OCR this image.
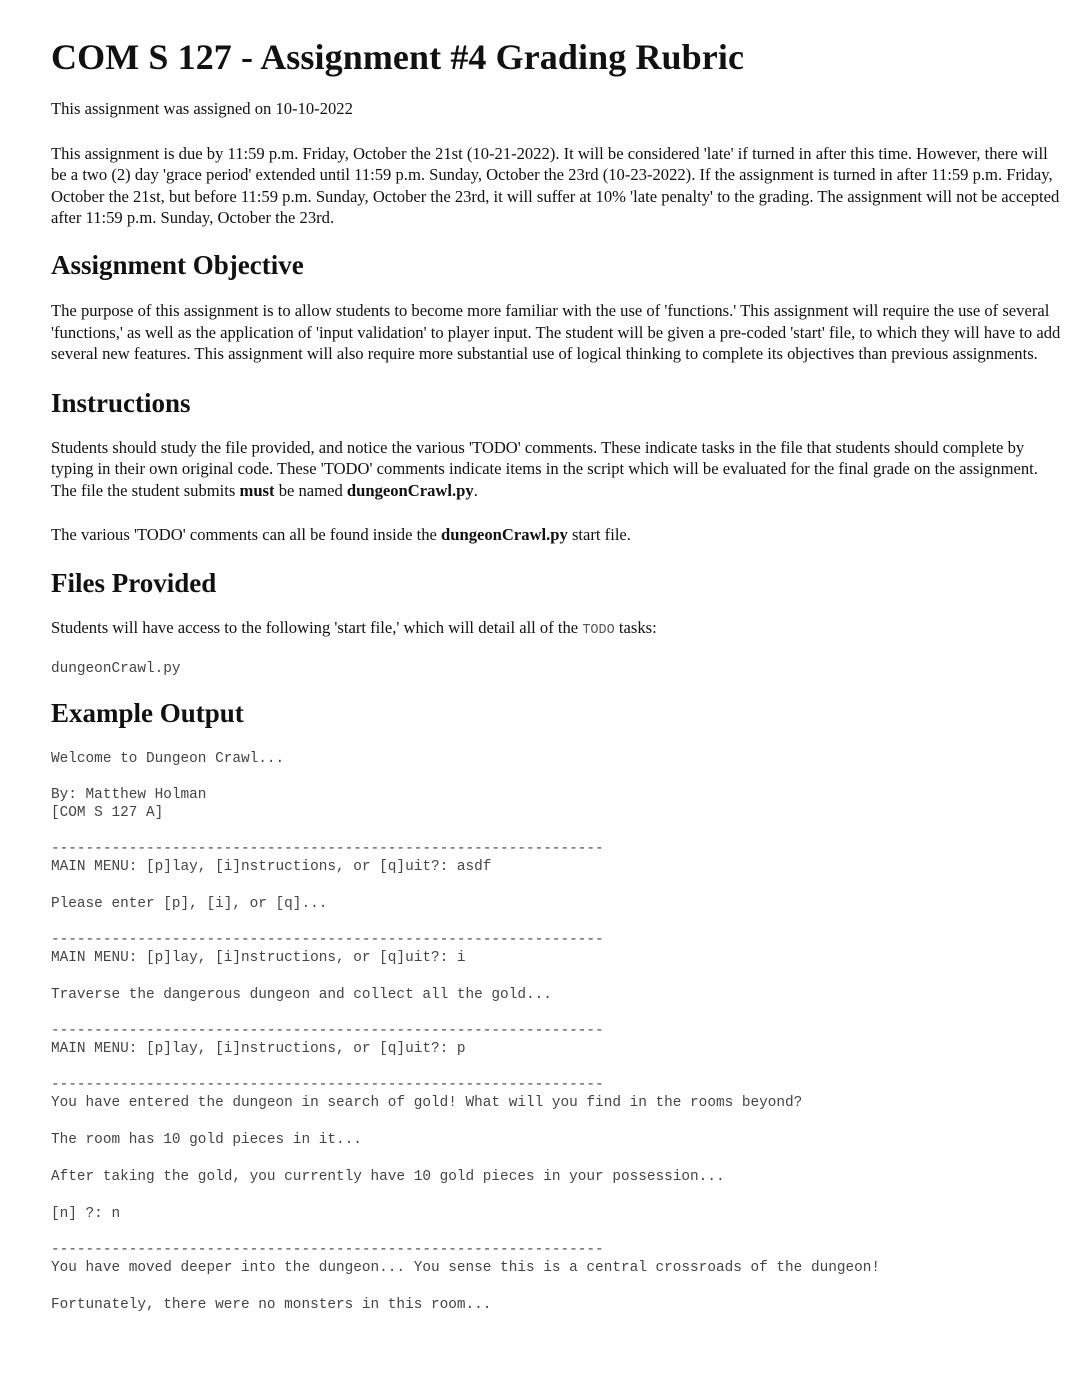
COM S 127 - Assignment #4 Grading Rubric

This assignment was assigned on 10-10-2022

This assignment is due by 11:59 p.m. Friday, October the 21st (10-21-2022). It will be considered 'late' if turned in after this time. However, there will be a two (2) day 'grace period' extended until 11:59 p.m. Sunday, October the 23rd (10-23-2022). If the assignment is turned in after 11:59 p.m. Friday, October the 21st, but before 11:59 p.m. Sunday, October the 23rd, it will suffer at 10% 'late penalty' to the grading. The assignment will not be accepted after 11:59 p.m. Sunday, October the 23rd.

Assignment Objective

The purpose of this assignment is to allow students to become more familiar with the use of 'functions.' This assignment will require the use of several 'functions,' as well as the application of 'input validation' to player input. The student will be given a pre-coded 'start' file, to which they will have to add several new features. This assignment will also require more substantial use of logical thinking to complete its objectives than previous assignments.

Instructions

Students should study the file provided, and notice the various 'TODO' comments. These indicate tasks in the file that students should complete by typing in their own original code. These 'TODO' comments indicate items in the script which will be evaluated for the final grade on the assignment. The file the student submits must be named dungeonCrawl.py.

The various 'TODO' comments can all be found inside the dungeonCrawl.py start file.

Files Provided

Students will have access to the following 'start file,' which will detail all of the TODO tasks:

dungeonCrawl.py
Example Output
Welcome to Dungeon Crawl...
By: Matthew Holman
[COM S 127 A]
----------------------------------------------------------------
MAIN MENU: [p]lay, [i]nstructions, or [q]uit?: asdf
Please enter [p], [i], or [q]...
----------------------------------------------------------------
MAIN MENU: [p]lay, [i]nstructions, or [q]uit?: i
Traverse the dangerous dungeon and collect all the gold...
----------------------------------------------------------------
MAIN MENU: [p]lay, [i]nstructions, or [q]uit?: p
----------------------------------------------------------------
You have entered the dungeon in search of gold! What will you find in the rooms beyond?
The room has 10 gold pieces in it...
After taking the gold, you currently have 10 gold pieces in your possession...
[n] ?: n
----------------------------------------------------------------
You have moved deeper into the dungeon... You sense this is a central crossroads of the dungeon!
Fortunately, there were no monsters in this room...
